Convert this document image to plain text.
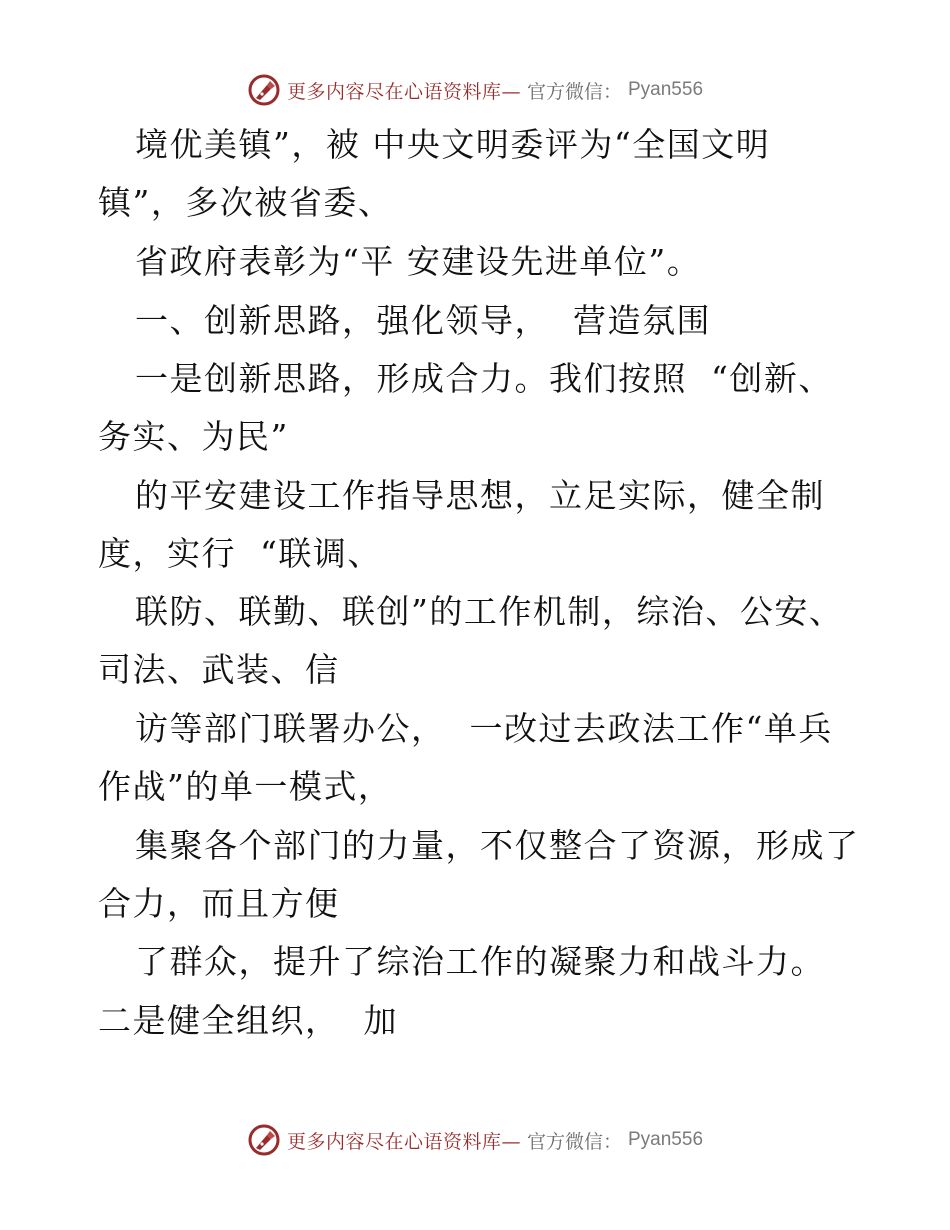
更多内容尽在心语资料库— 官方微信： Pyan556
境优美镇”，被 中央文明委评为“全国文明
镇”，多次被省委、
省政府表彰为“平 安建设先进单位”。
一、创新思路，强化领导，  营造氛围
一是创新思路，形成合力。我们按照  “创新、
务实、为民”
的平安建设工作指导思想，立足实际，健全制
度，实行  “联调、
联防、联勤、联创”的工作机制，综治、公安、
司法、武装、信
访等部门联署办公，  一改过去政法工作“单兵
作战”的单一模式，
集聚各个部门的力量，不仅整合了资源，形成了
合力，而且方便
了群众，提升了综治工作的凝聚力和战斗力。
二是健全组织，  加
更多内容尽在心语资料库— 官方微信： Pyan556
